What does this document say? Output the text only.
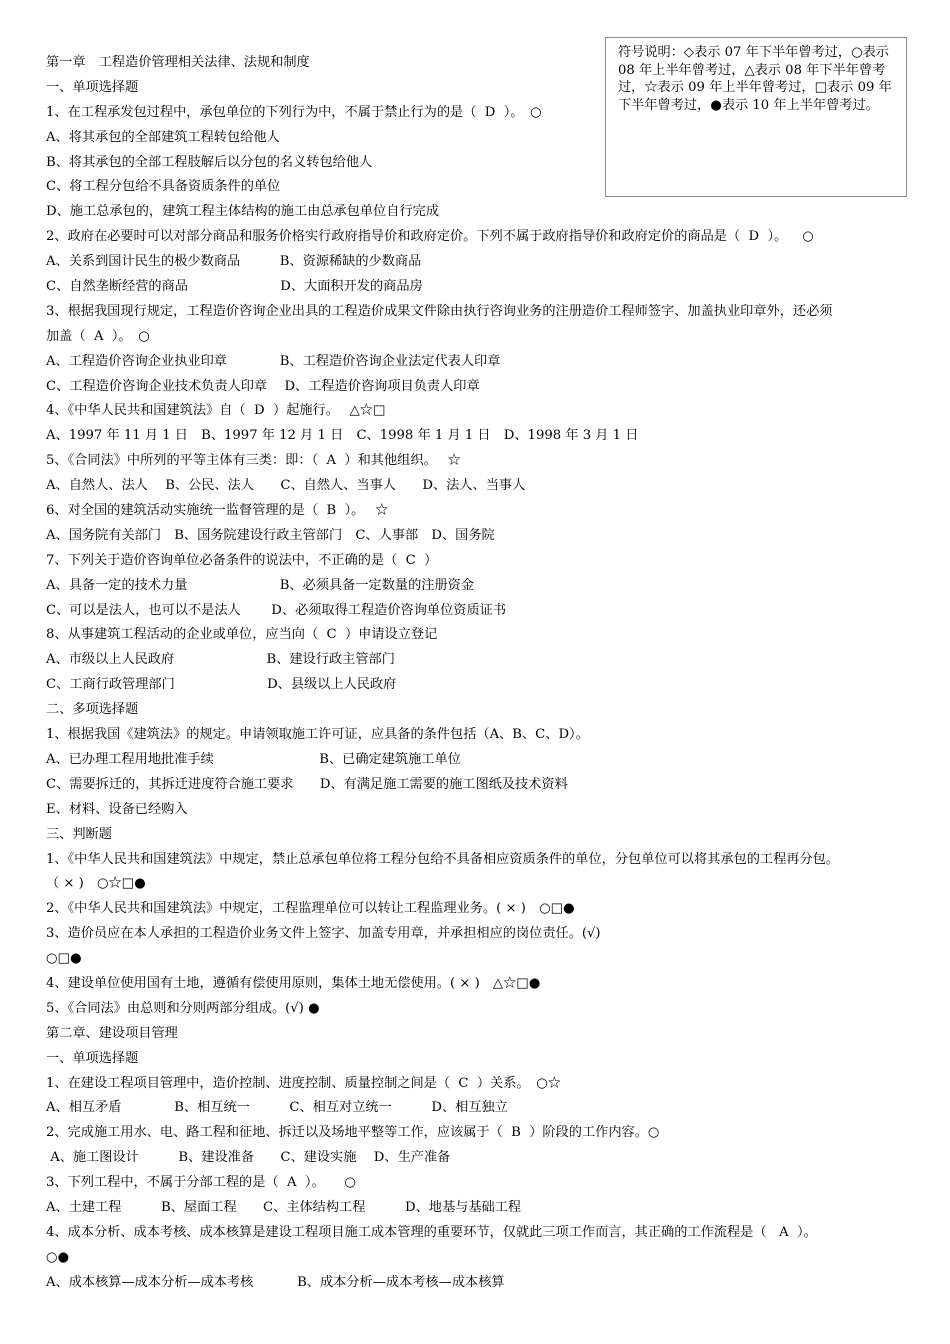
符号说明：◇表示 07 年下半年曾考过，○表示 08 年上半年曾考过，△表示 08 年下半年曾考过，☆表示 09 年上半年曾考过，□表示 09 年下半年曾考过，●表示 10 年上半年曾考过。
第一章　工程造价管理相关法律、法规和制度
一、单项选择题
1、在工程承发包过程中，承包单位的下列行为中，不属于禁止行为的是（  D  ）。　○
A、将其承包的全部建筑工程转包给他人
B、将其承包的全部工程肢解后以分包的名义转包给他人
C、将工程分包给不具备资质条件的单位
D、施工总承包的，建筑工程主体结构的施工由总承包单位自行完成
2、政府在必要时可以对部分商品和服务价格实行政府指导价和政府定价。下列不属于政府指导价和政府定价的商品是（  D  ）。　  ○
A、关系到国计民生的极少数商品　　　B、资源稀缺的少数商品
C、自然垄断经营的商品　　　　　　　D、大面积开发的商品房
3、根据我国现行规定，工程造价咨询企业出具的工程造价成果文件除由执行咨询业务的注册造价工程师签字、加盖执业印章外，还必须
加盖（  A  ）。　○
A、工程造价咨询企业执业印章　　　　B、工程造价咨询企业法定代表人印章
C、工程造价咨询企业技术负责人印章　 D、工程造价咨询项目负责人印章
4、《中华人民共和国建筑法》自（  D  ）起施行。　 △☆□
A、1997 年 11 月 1 日　B、1997 年 12 月 1 日　C、1998 年 1 月 1 日　D、1998 年 3 月 1 日
5、《合同法》中所列的平等主体有三类：即：（  A  ）和其他组织。　 ☆
A、自然人、法人　 B、公民、法人　　C、自然人、当事人　　D、法人、当事人
6、对全国的建筑活动实施统一监督管理的是（  B  ）。　 ☆
A、国务院有关部门　B、国务院建设行政主管部门　C、人事部　D、国务院
7、下列关于造价咨询单位必备条件的说法中，不正确的是（  C  ）
A、具备一定的技术力量　　　　　　　B、必须具备一定数量的注册资金
C、可以是法人，也可以不是法人　　 D、必须取得工程造价咨询单位资质证书
8、从事建筑工程活动的企业或单位，应当向（  C  ）申请设立登记
A、市级以上人民政府　　　　　　　B、建设行政主管部门
C、工商行政管理部门　　　　　　　D、县级以上人民政府
二、多项选择题
1、根据我国《建筑法》的规定。申请领取施工许可证，应具备的条件包括（A、B、C、D）。
A、已办理工程用地批准手续　　　　　　　　B、已确定建筑施工单位
C、需要拆迁的，其拆迁进度符合施工要求　　D、有满足施工需要的施工图纸及技术资料
E、材料、设备已经购入
三、判断题
1、《中华人民共和国建筑法》中规定，禁止总承包单位将工程分包给不具备相应资质条件的单位，分包单位可以将其承包的工程再分包。
（ × )　○☆□●
2、《中华人民共和国建筑法》中规定，工程监理单位可以转让工程监理业务。( × )　○□●
3、造价员应在本人承担的工程造价业务文件上签字、加盖专用章，并承担相应的岗位责任。(√)
○□●
4、建设单位使用国有土地，遵循有偿使用原则，集体土地无偿使用。( × )　△☆□●
5、《合同法》由总则和分则两部分组成。(√) ●
第二章、建设项目管理
一、单项选择题
1、在建设工程项目管理中，造价控制、进度控制、质量控制之间是（  C  ）关系。　○☆
A、相互矛盾　　　　B、相互统一　　　C、相互对立统一　　　D、相互独立
2、完成施工用水、电、路工程和征地、拆迁以及场地平整等工作，应该属于（  B  ）阶段的工作内容。○
A、施工图设计　　　B、建设准备　　C、建设实施　 D、生产准备
3、下列工程中，不属于分部工程的是（  A  ）。　　○
A、土建工程　　　B、屋面工程　　C、主体结构工程　　　D、地基与基础工程
4、成本分析、成本考核、成本核算是建设工程项目施工成本管理的重要环节，仅就此三项工作而言，其正确的工作流程是（   A  ）。
○●
A、成本核算—成本分析—成本考核　　　 B、成本分析—成本考核—成本核算
